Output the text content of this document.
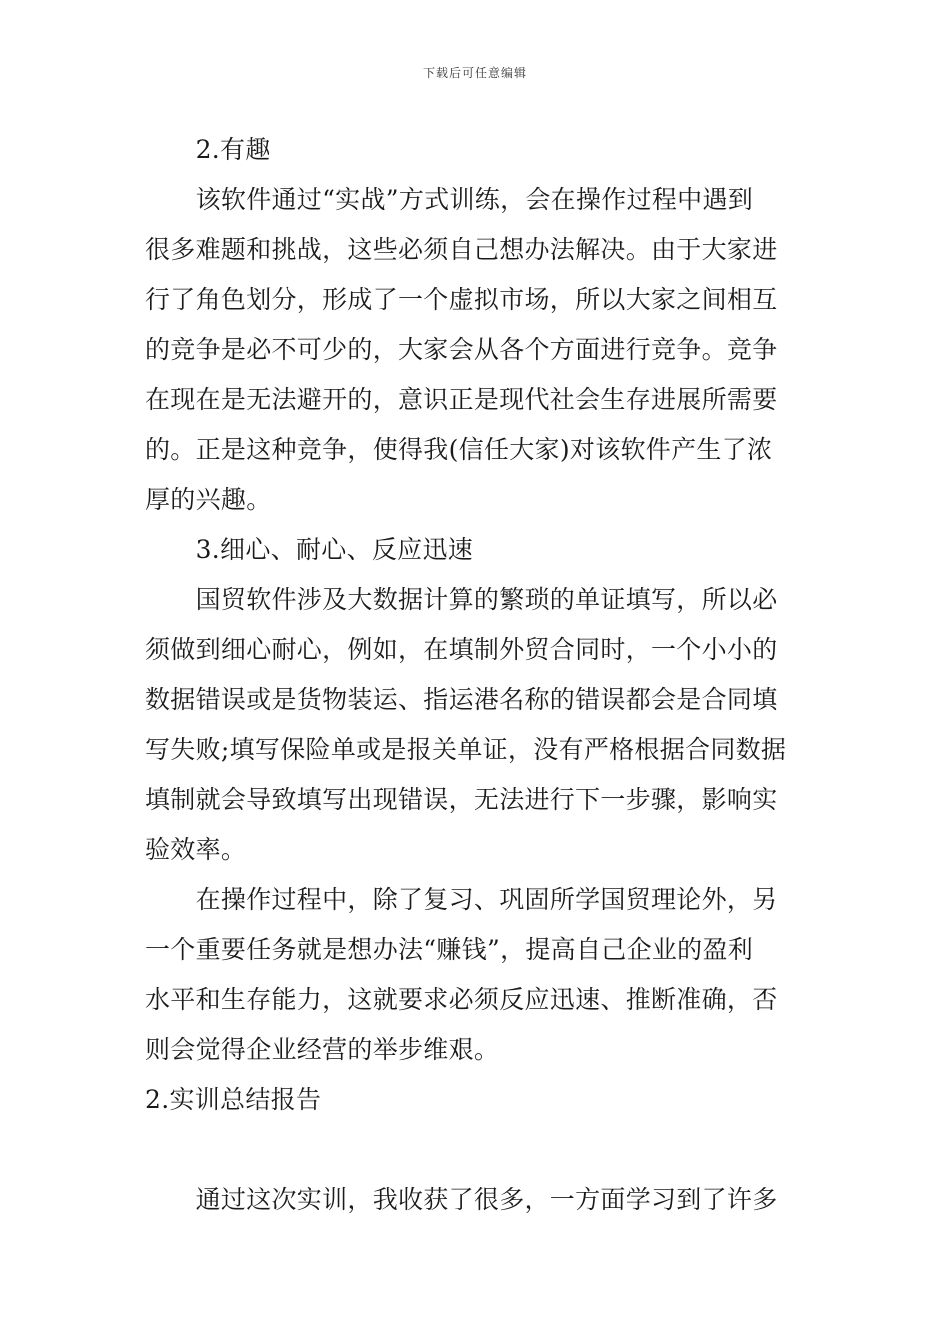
下载后可任意编辑
　　2.有趣
　　该软件通过“实战”方式训练，会在操作过程中遇到
很多难题和挑战，这些必须自己想办法解决。由于大家进
行了角色划分，形成了一个虚拟市场，所以大家之间相互
的竞争是必不可少的，大家会从各个方面进行竞争。竞争
在现在是无法避开的，意识正是现代社会生存进展所需要
的。正是这种竞争，使得我(信任大家)对该软件产生了浓
厚的兴趣。
　　3.细心、耐心、反应迅速
　　国贸软件涉及大数据计算的繁琐的单证填写，所以必
须做到细心耐心，例如，在填制外贸合同时，一个小小的
数据错误或是货物装运、指运港名称的错误都会是合同填
写失败;填写保险单或是报关单证，没有严格根据合同数据
填制就会导致填写出现错误，无法进行下一步骤，影响实
验效率。
　　在操作过程中，除了复习、巩固所学国贸理论外，另
一个重要任务就是想办法“赚钱”，提高自己企业的盈利
水平和生存能力，这就要求必须反应迅速、推断准确，否
则会觉得企业经营的举步维艰。
2.实训总结报告
　　通过这次实训，我收获了很多，一方面学习到了许多
